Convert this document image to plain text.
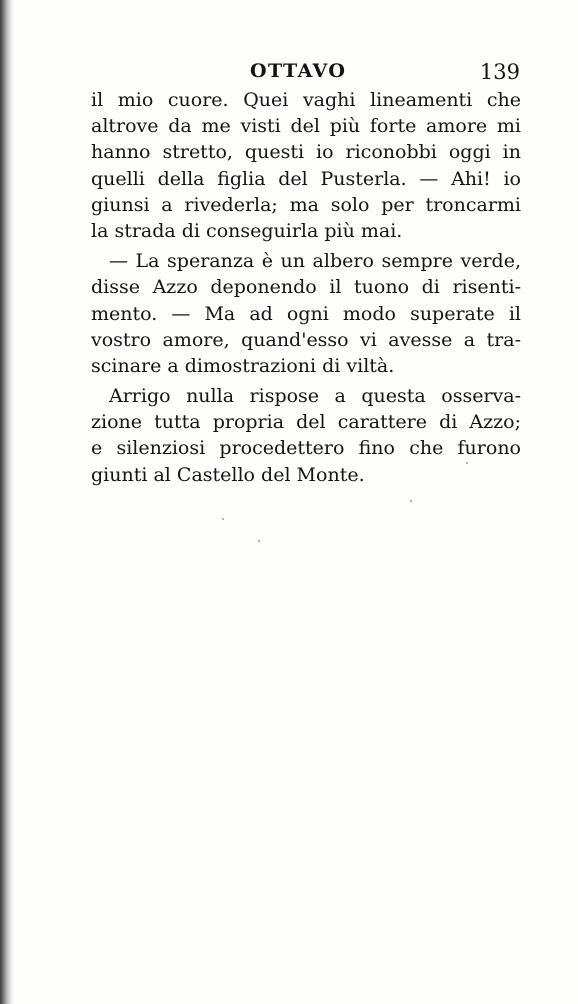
OTTAVO	139
il mio cuore. Quei vaghi lineamenti che
altrove da me visti del più forte amore mi
hanno stretto, questi io riconobbi oggi in
quelli della figlia del Pusterla. — Ahi! io
giunsi a rivederla; ma solo per troncarmi
la strada di conseguirla più mai.
— La speranza è un albero sempre verde,
disse Azzo deponendo il tuono di risenti-
mento. — Ma ad ogni modo superate il
vostro amore, quand'esso vi avesse a tra-
scinare a dimostrazioni di viltà.
Arrigo nulla rispose a questa osserva-
zione tutta propria del carattere di Azzo;
e silenziosi procedettero fino che furono
giunti al Castello del Monte.
